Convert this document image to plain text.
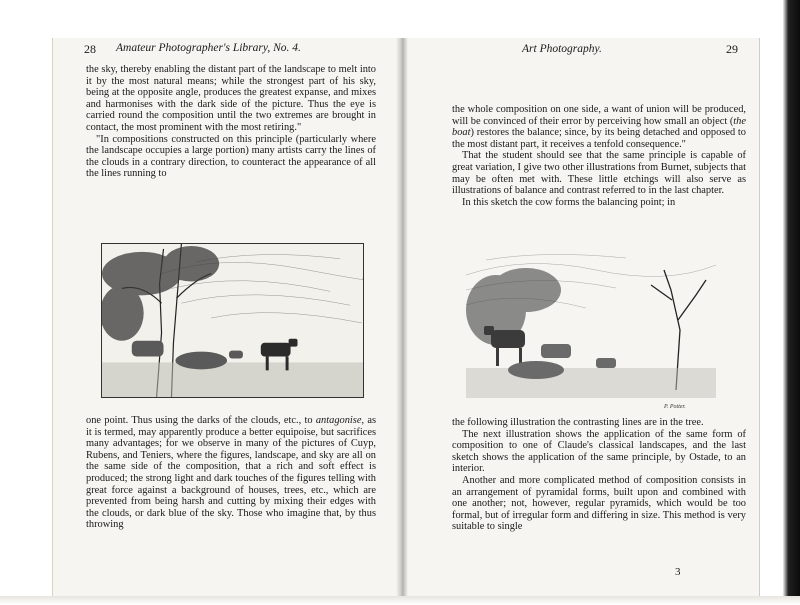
28 Amateur Photographer's Library, No. 4.

the sky, thereby enabling the distant part of the landscape to melt into it by the most natural means; while the strongest part of his sky, being at the opposite angle, produces the greatest expanse, and mixes and harmonises with the dark side of the picture. Thus the eye is carried round the composition until the two extremes are brought in contact, the most prominent with the most retiring."

"In compositions constructed on this principle (particularly where the landscape occupies a large portion) many artists carry the lines of the clouds in a contrary direction, to counteract the appearance of all the lines running to

one point. Thus using the darks of the clouds, etc., to antagonise, as it is termed, may apparently produce a better equipoise, but sacrifices many advantages; for we observe in many of the pictures of Cuyp, Rubens, and Teniers, where the figures, landscape, and sky are all on the same side of the composition, that a rich and soft effect is produced; the strong light and dark touches of the figures telling with great force against a background of houses, trees, etc., which are prevented from being harsh and cutting by mixing their edges with the clouds, or dark blue of the sky. Those who imagine that, by thus throwing

Art Photography.	29

the whole composition on one side, a want of union will be produced, will be convinced of their error by perceiving how small an object (the boat) restores the balance; since, by its being detached and opposed to the most distant part, it receives a tenfold consequence."

That the student should see that the same principle is capable of great variation, I give two other illustrations from Burnet, subjects that may be often met with. These little etchings will also serve as illustrations of balance and contrast referred to in the last chapter.

In this sketch the cow forms the balancing point; in

P. Potter.

the following illustration the contrasting lines are in the tree.

The next illustration shows the application of the same form of composition to one of Claude's classical landscapes, and the last sketch shows the application of the same principle, by Ostade, to an interior.

Another and more complicated method of composition consists in an arrangement of pyramidal forms, built upon and combined with one another; not, however, regular pyramids, which would be too formal, but of irregular form and differing in size. This method is very suitable to single

3
